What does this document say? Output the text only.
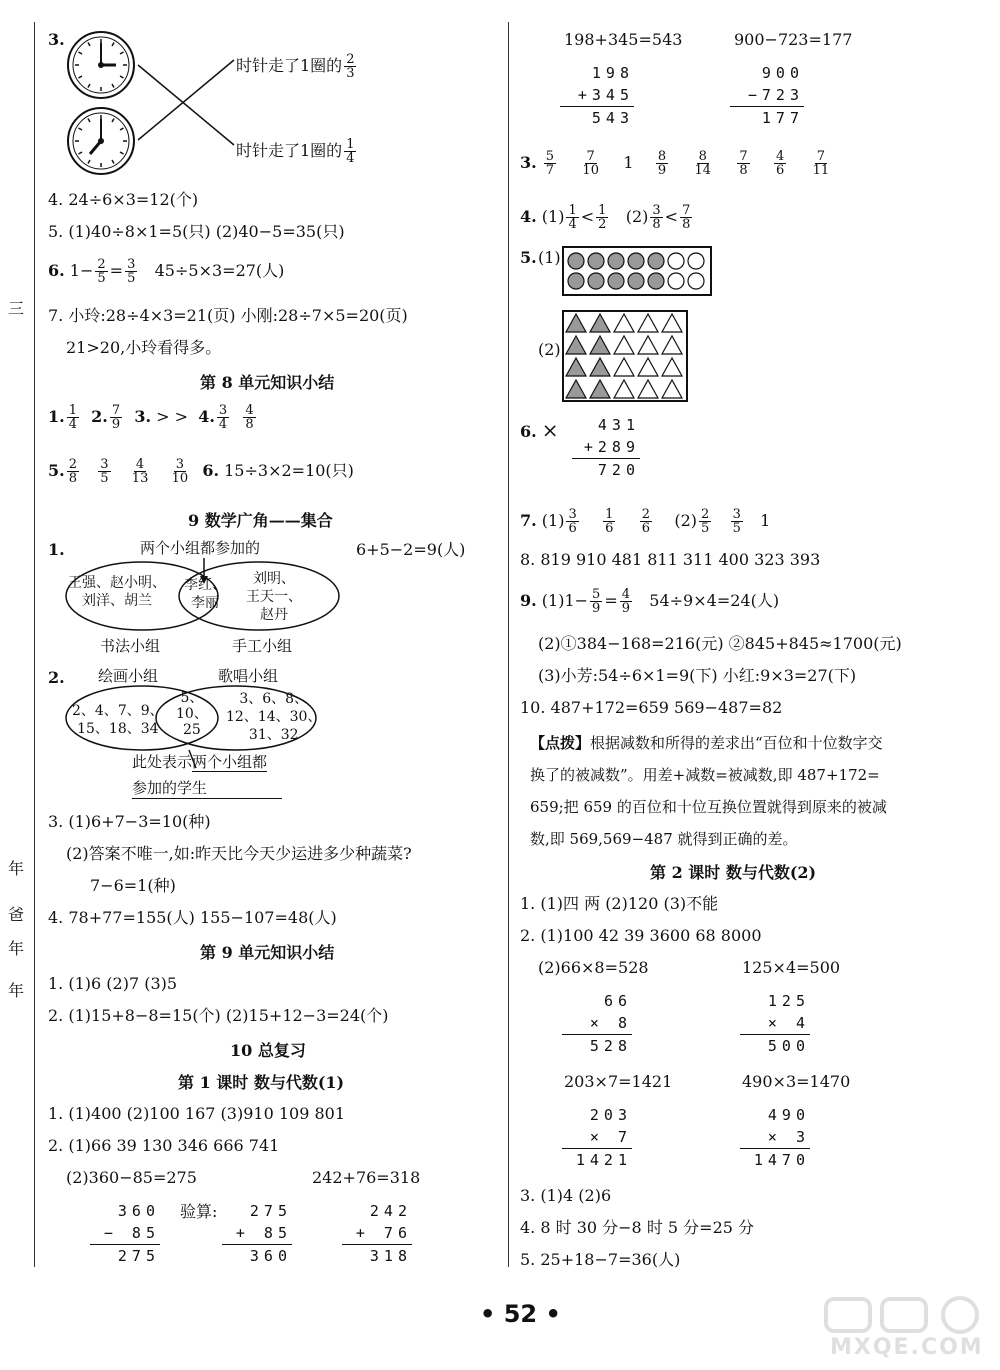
三
年
爸
年
年
3.
时针走了1圈的 $\frac{2}{3}$
时针走了1圈的 $\frac{1}{4}$
4. 24÷6×3=12(个)
5. (1)40÷8×1=5(只) (2)40−5=35(只)
6. $1- \frac{2}{5} = \frac{3}{5} 45\div 5\times 3=27$(人)
7. 小玲:28÷4×3=21(页) 小刚:28÷7×5=20(页)
21>20,小玲看得多。
第 8 单元知识小结
1. $\frac{1}{4} 2$. $\frac{7}{9} 3$. > > 4. $\frac{3}{4}$
$\frac{4}{8}$
5. $\frac{2}{8}$
$\frac{3}{5}$
$\frac{4}{13}$
$\frac{3}{10} 6$. 15÷3×2=10(只)
9 数学广角——集合
1.	两个小组都参加的	6+5−2=9(人)
王强、赵小明、
刘洋、胡兰
李红、
李丽
刘明、
王天一、
赵丹
书法小组	手工小组
2. 绘画小组	歌唱小组
2、4、7、9、
15、18、34
5、
10、
25
3、6、8、
12、14、30、
31、32
此处表示两个小组都
参加的学生
3. (1)6+7−3=10(种)
(2)答案不唯一,如:昨天比今天少运进多少种蔬菜?
7−6=1(种)
4. 78+77=155(人) 155−107=48(人)
第 9 单元知识小结
1. (1)6 (2)7 (3)5
2. (1)15+8−8=15(个) (2)15+12−3=24(个)
10 总复习
第 1 课时 数与代数(1)
1. (1)400 (2)100 167 (3)910 109 801
2. (1)66 39 130 346 666 741
(2)360−85=275	242+76=318
验算:
360
− 85
275
275
+ 85
360
242
+ 76
318
198+345=543	900−723=177
198
+345
543
900
−723
177
3. $\frac{5}{7}$
$\frac{7}{10} 1 \frac{8}{9}$
$\frac{8}{14}$
$\frac{7}{8}$
$\frac{4}{6}$
$\frac{7}{11}$
4. $(1) \frac{1}{4} < \frac{1}{2} (2) \frac{3}{8} < \frac{7}{8}$
5. (1)
(2)
6. ×	431
+289
720
7. $(1) \frac{3}{6}$
$\frac{1}{6}$
$\frac{2}{6} (2) \frac{2}{5}$
$\frac{3}{5} 1$
8. 819 910 481 811 311 400 323 393
9. $(1)1- \frac{5}{9} = \frac{4}{9} 54\div 9\times 4=24$(人)
(2)①384−168=216(元) ②845+845≈1700(元)
(3)小芳:54÷6×1=9(下) 小红:9×3=27(下)
10. 487+172=659 569−487=82
【点拨】根据减数和所得的差求出“百位和十位数字交
换了的被减数”。用差+减数=被减数,即 487+172=
659;把 659 的百位和十位互换位置就得到原来的被减
数,即 569,569−487 就得到正确的差。
第 2 课时 数与代数(2)
1. (1)四 两 (2)120 (3)不能
2. (1)100 42 39 3600 68 8000
(2)66×8=528	125×4=500
66
× 8
528
125
× 4
500
203×7=1421	490×3=1470
203
× 7
1421
490
× 3
1470
3. (1)4 (2)6
4. 8 时 30 分−8 时 5 分=25 分
5. 25+18−7=36(人)
• 52 •
MXQE.COM
